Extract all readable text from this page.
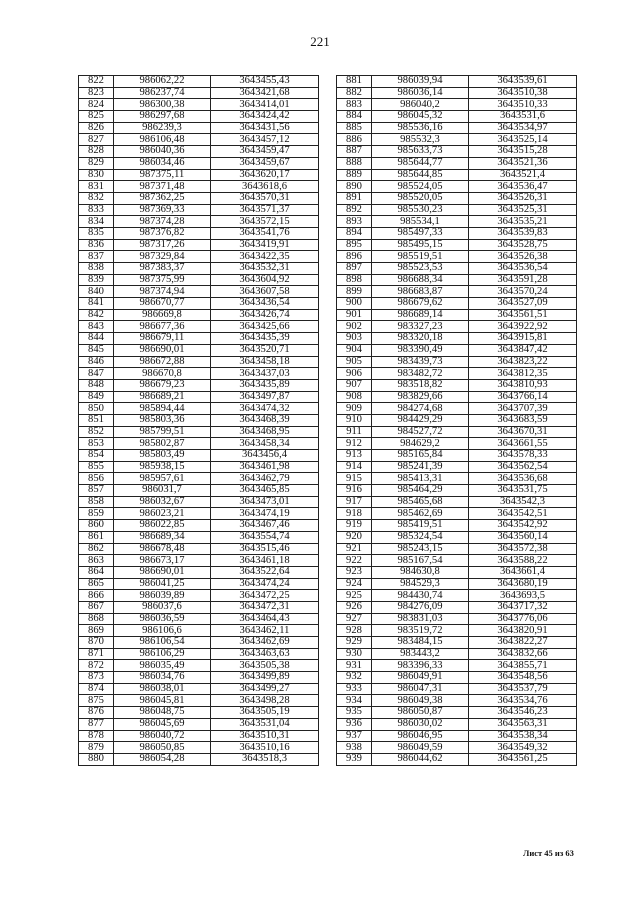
221
822	986062,22	3643455,43
823	986237,74	3643421,68
824	986300,38	3643414,01
825	986297,68	3643424,42
826	986239,3	3643431,56
827	986106,48	3643457,12
828	986040,36	3643459,47
829	986034,46	3643459,67
830	987375,11	3643620,17
831	987371,48	3643618,6
832	987362,25	3643570,31
833	987369,33	3643571,37
834	987374,28	3643572,15
835	987376,82	3643541,76
836	987317,26	3643419,91
837	987329,84	3643422,35
838	987383,37	3643532,31
839	987375,99	3643604,92
840	987374,94	3643607,58
841	986670,77	3643436,54
842	986669,8	3643426,74
843	986677,36	3643425,66
844	986679,11	3643435,39
845	986690,01	3643520,71
846	986672,88	3643458,18
847	986670,8	3643437,03
848	986679,23	3643435,89
849	986689,21	3643497,87
850	985894,44	3643474,32
851	985803,36	3643468,39
852	985799,51	3643468,95
853	985802,87	3643458,34
854	985803,49	3643456,4
855	985938,15	3643461,98
856	985957,61	3643462,79
857	986031,7	3643465,85
858	986032,67	3643473,01
859	986023,21	3643474,19
860	986022,85	3643467,46
861	986689,34	3643554,74
862	986678,48	3643515,46
863	986673,17	3643461,18
864	986690,01	3643522,64
865	986041,25	3643474,24
866	986039,89	3643472,25
867	986037,6	3643472,31
868	986036,59	3643464,43
869	986106,6	3643462,11
870	986106,54	3643462,69
871	986106,29	3643463,63
872	986035,49	3643505,38
873	986034,76	3643499,89
874	986038,01	3643499,27
875	986045,81	3643498,28
876	986048,75	3643505,19
877	986045,69	3643531,04
878	986040,72	3643510,31
879	986050,85	3643510,16
880	986054,28	3643518,3
881	986039,94	3643539,61
882	986036,14	3643510,38
883	986040,2	3643510,33
884	986045,32	3643531,6
885	985536,16	3643534,97
886	985532,3	3643525,14
887	985633,73	3643515,28
888	985644,77	3643521,36
889	985644,85	3643521,4
890	985524,05	3643536,47
891	985520,05	3643526,31
892	985530,23	3643525,31
893	985534,1	3643535,21
894	985497,33	3643539,83
895	985495,15	3643528,75
896	985519,51	3643526,38
897	985523,53	3643536,54
898	986688,34	3643591,28
899	986683,87	3643570,24
900	986679,62	3643527,09
901	986689,14	3643561,51
902	983327,23	3643922,92
903	983320,18	3643915,81
904	983390,49	3643847,42
905	983439,73	3643823,22
906	983482,72	3643812,35
907	983518,82	3643810,93
908	983829,66	3643766,14
909	984274,68	3643707,39
910	984429,29	3643683,59
911	984527,72	3643670,31
912	984629,2	3643661,55
913	985165,84	3643578,33
914	985241,39	3643562,54
915	985413,31	3643536,68
916	985464,29	3643531,75
917	985465,68	3643542,3
918	985462,69	3643542,51
919	985419,51	3643542,92
920	985324,54	3643560,14
921	985243,15	3643572,38
922	985167,54	3643588,22
923	984630,8	3643661,4
924	984529,3	3643680,19
925	984430,74	3643693,5
926	984276,09	3643717,32
927	983831,03	3643776,06
928	983519,72	3643820,91
929	983484,15	3643822,27
930	983443,2	3643832,66
931	983396,33	3643855,71
932	986049,91	3643548,56
933	986047,31	3643537,79
934	986049,38	3643534,76
935	986050,87	3643546,23
936	986030,02	3643563,31
937	986046,95	3643538,34
938	986049,59	3643549,32
939	986044,62	3643561,25
Лист 45 из 63
